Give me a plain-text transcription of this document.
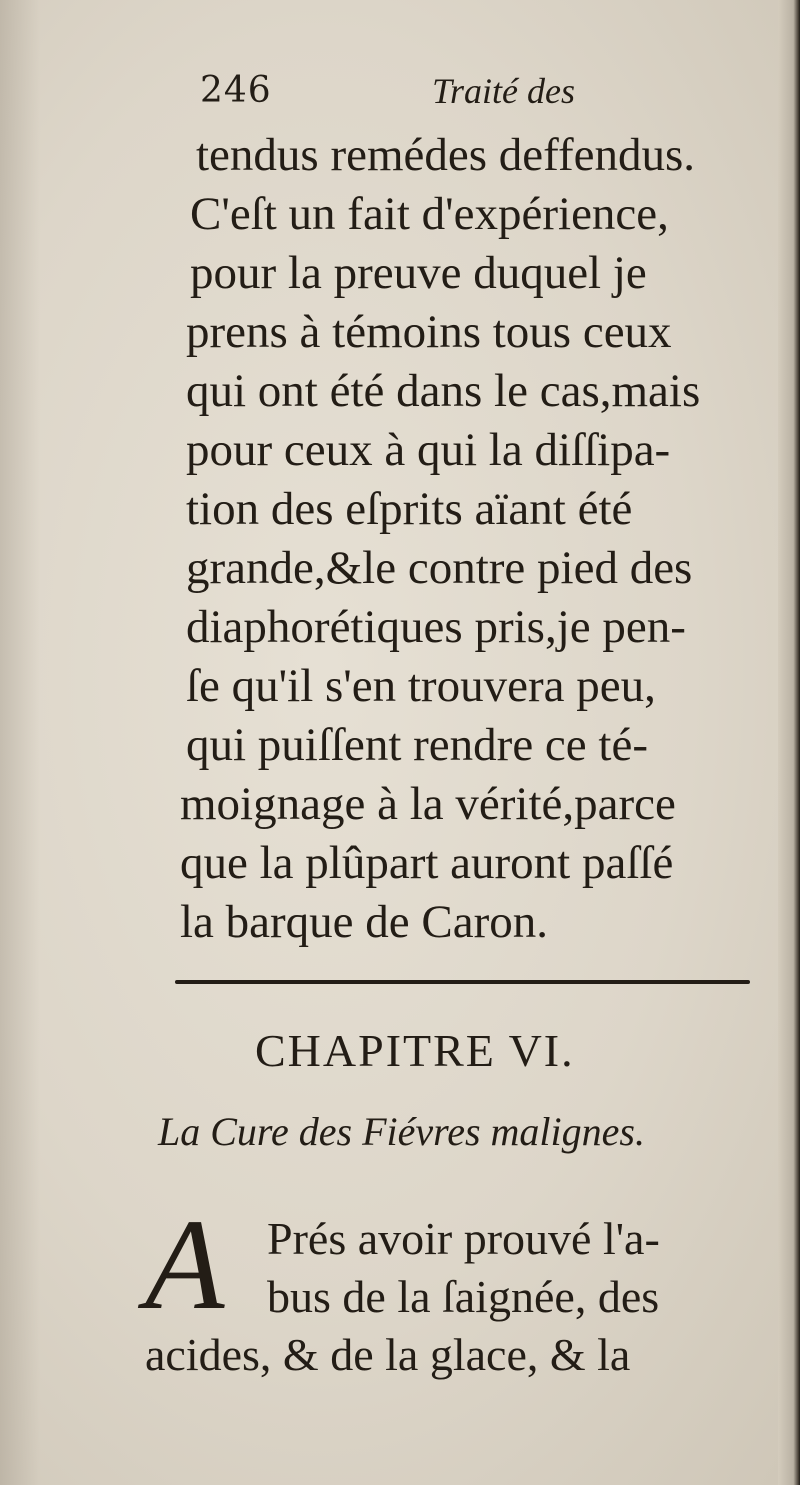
246	Traité des
tendus remédes deffendus.
C'eſt un fait d'expérience,
pour la preuve duquel je
prens à témoins tous ceux
qui ont été dans le cas,mais
pour ceux à qui la diſſipa-
tion des eſprits aïant été
grande,&le contre pied des
diaphorétiques pris,je pen-
ſe qu'il s'en trouvera peu,
qui puiſſent rendre ce té-
moignage à la vérité,parce
que la plûpart auront paſſé
la barque de Caron.
CHAPITRE VI.
La Cure des Fiévres malignes.
A Prés avoir prouvé l'a-
bus de la ſaignée, des
acides, & de la glace, & la
